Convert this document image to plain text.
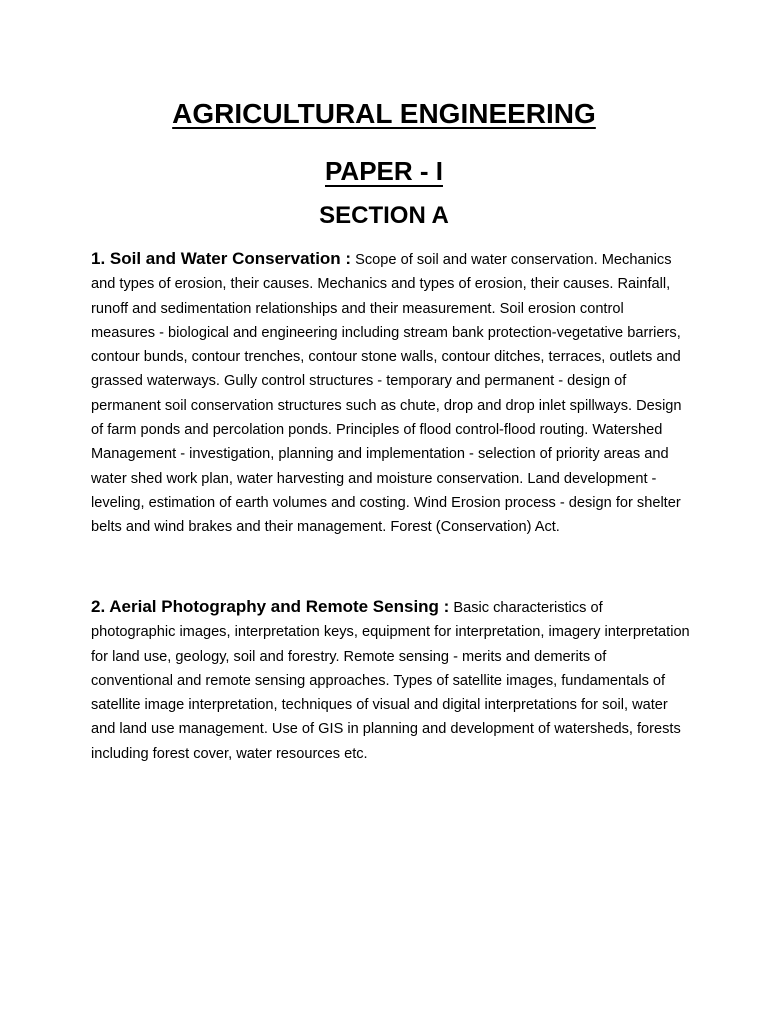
AGRICULTURAL ENGINEERING
PAPER - I
SECTION A

1. Soil and Water Conservation : Scope of soil and water conservation. Mechanics and types of erosion, their causes. Mechanics and types of erosion, their causes. Rainfall, runoff and sedimentation relationships and their measurement. Soil erosion control measures - biological and engineering including stream bank protection-vegetative barriers, contour bunds, contour trenches, contour stone walls, contour ditches, terraces, outlets and grassed waterways. Gully control structures - temporary and permanent - design of permanent soil conservation structures such as chute, drop and drop inlet spillways. Design of farm ponds and percolation ponds. Principles of flood control-flood routing. Watershed Management - investigation, planning and implementation - selection of priority areas and water shed work plan, water harvesting and moisture conservation. Land development - leveling, estimation of earth volumes and costing. Wind Erosion process - design for shelter belts and wind brakes and their management. Forest (Conservation) Act.

2. Aerial Photography and Remote Sensing : Basic characteristics of photographic images, interpretation keys, equipment for interpretation, imagery interpretation for land use, geology, soil and forestry. Remote sensing - merits and demerits of conventional and remote sensing approaches. Types of satellite images, fundamentals of satellite image interpretation, techniques of visual and digital interpretations for soil, water and land use management. Use of GIS in planning and development of watersheds, forests including forest cover, water resources etc.
